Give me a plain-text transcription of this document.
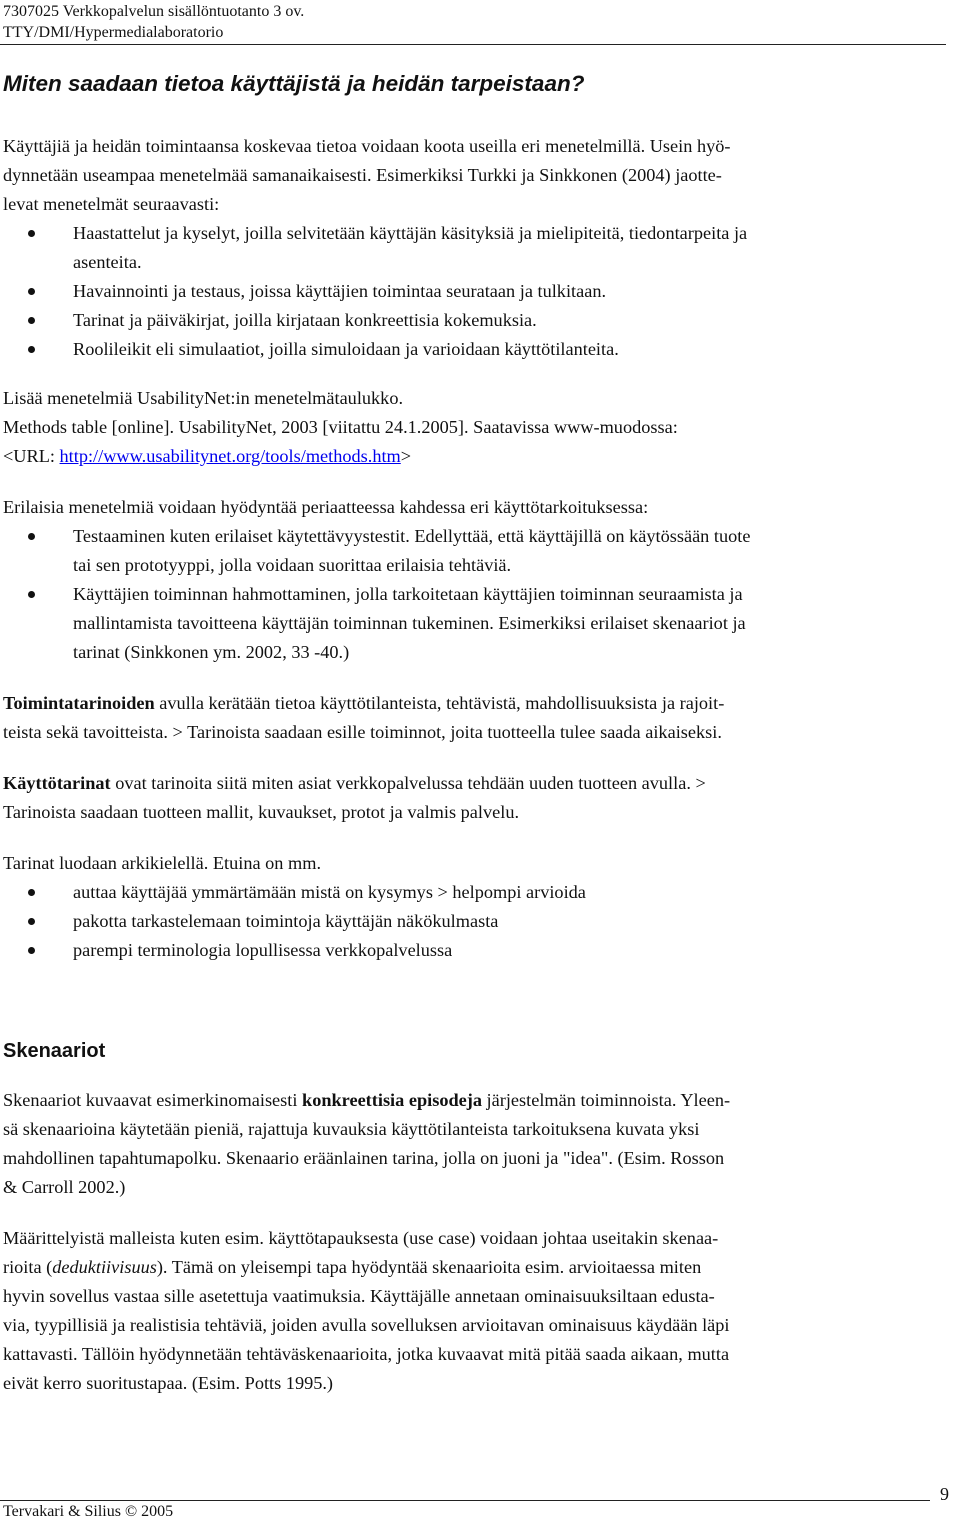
7307025 Verkkopalvelun sisällöntuotanto 3 ov.
TTY/DMI/Hypermedialaboratorio
Miten saadaan tietoa käyttäjistä ja heidän tarpeistaan?

Käyttäjiä ja heidän toimintaansa koskevaa tietoa voidaan koota useilla eri menetelmillä. Usein hyö-
dynnetään useampaa menetelmää samanaikaisesti. Esimerkiksi Turkki ja Sinkkonen (2004) jaotte-
levat menetelmät seuraavasti:

Haastattelut ja kyselyt, joilla selvitetään käyttäjän käsityksiä ja mielipiteitä, tiedontarpeita ja
asenteita.
Havainnointi ja testaus, joissa käyttäjien toimintaa seurataan ja tulkitaan.
Tarinat ja päiväkirjat, joilla kirjataan konkreettisia kokemuksia.
Roolileikit eli simulaatiot, joilla simuloidaan ja varioidaan käyttötilanteita.

Lisää menetelmiä UsabilityNet:in menetelmätaulukko.
Methods table [online]. UsabilityNet, 2003 [viitattu 24.1.2005]. Saatavissa www-muodossa:
<URL: http://www.usabilitynet.org/tools/methods.htm>

Erilaisia menetelmiä voidaan hyödyntää periaatteessa kahdessa eri käyttötarkoituksessa:

Testaaminen kuten erilaiset käytettävyystestit. Edellyttää, että käyttäjillä on käytössään tuote
tai sen prototyyppi, jolla voidaan suorittaa erilaisia tehtäviä.
Käyttäjien toiminnan hahmottaminen, jolla tarkoitetaan käyttäjien toiminnan seuraamista ja
mallintamista tavoitteena käyttäjän toiminnan tukeminen. Esimerkiksi erilaiset skenaariot ja
tarinat (Sinkkonen ym. 2002, 33 -40.)

Toimintatarinoiden avulla kerätään tietoa käyttötilanteista, tehtävistä, mahdollisuuksista ja rajoit-
teista sekä tavoitteista. > Tarinoista saadaan esille toiminnot, joita tuotteella tulee saada aikaiseksi.

Käyttötarinat ovat tarinoita siitä miten asiat verkkopalvelussa tehdään uuden tuotteen avulla. >
Tarinoista saadaan tuotteen mallit, kuvaukset, protot ja valmis palvelu.

Tarinat luodaan arkikielellä. Etuina on mm.

auttaa käyttäjää ymmärtämään mistä on kysymys > helpompi arvioida
pakotta tarkastelemaan toimintoja käyttäjän näkökulmasta
parempi terminologia lopullisessa verkkopalvelussa
Skenaariot

Skenaariot kuvaavat esimerkinomaisesti konkreettisia episodeja järjestelmän toiminnoista. Yleen-
sä skenaarioina käytetään pieniä, rajattuja kuvauksia käyttötilanteista tarkoituksena kuvata yksi
mahdollinen tapahtumapolku. Skenaario eräänlainen tarina, jolla on juoni ja "idea". (Esim. Rosson
& Carroll 2002.)

Määrittelyistä malleista kuten esim. käyttötapauksesta (use case) voidaan johtaa useitakin skenaa-
rioita (deduktiivisuus). Tämä on yleisempi tapa hyödyntää skenaarioita esim. arvioitaessa miten
hyvin sovellus vastaa sille asetettuja vaatimuksia. Käyttäjälle annetaan ominaisuuksiltaan edusta-
via, tyypillisiä ja realistisia tehtäviä, joiden avulla sovelluksen arvioitavan ominaisuus käydään läpi
kattavasti. Tällöin hyödynnetään tehtäväskenaarioita, jotka kuvaavat mitä pitää saada aikaan, mutta
eivät kerro suoritustapaa. (Esim. Potts 1995.)

9
Tervakari & Silius © 2005
